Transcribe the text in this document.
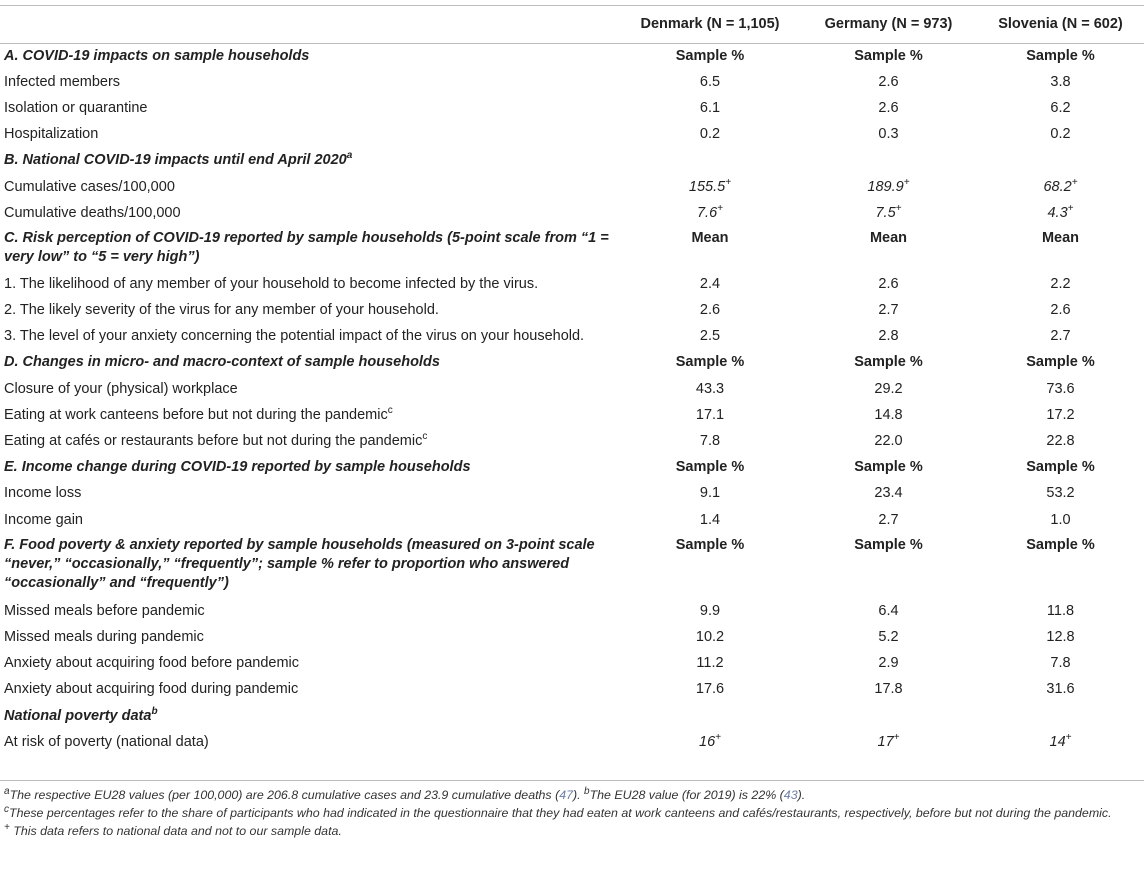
	Denmark (N = 1,105)	Germany (N = 973)	Slovenia (N = 602)
A. COVID-19 impacts on sample households	Sample %	Sample %	Sample %
Infected members	6.5	2.6	3.8
Isolation or quarantine	6.1	2.6	6.2
Hospitalization	0.2	0.3	0.2
B. National COVID-19 impacts until end April 2020$^a$			
Cumulative cases/100,000	155.5+	189.9+	68.2+
Cumulative deaths/100,000	7.6+	7.5+	4.3+
C. Risk perception of COVID-19 reported by sample households (5-point scale from “1 = very low” to “5 = very high”)	Mean	Mean	Mean
1. The likelihood of any member of your household to become infected by the virus.	2.4	2.6	2.2
2. The likely severity of the virus for any member of your household.	2.6	2.7	2.6
3. The level of your anxiety concerning the potential impact of the virus on your household.	2.5	2.8	2.7
D. Changes in micro- and macro-context of sample households	Sample %	Sample %	Sample %
Closure of your (physical) workplace	43.3	29.2	73.6
Eating at work canteens before but not during the pandemic$^c$	17.1	14.8	17.2
Eating at cafés or restaurants before but not during the pandemic$^c$	7.8	22.0	22.8
E. Income change during COVID-19 reported by sample households	Sample %	Sample %	Sample %
Income loss	9.1	23.4	53.2
Income gain	1.4	2.7	1.0
F. Food poverty & anxiety reported by sample households (measured on 3-point scale “never,” “occasionally,” “frequently”; sample % refer to proportion who answered “occasionally” and “frequently”)	Sample %	Sample %	Sample %
Missed meals before pandemic	9.9	6.4	11.8
Missed meals during pandemic	10.2	5.2	12.8
Anxiety about acquiring food before pandemic	11.2	2.9	7.8
Anxiety about acquiring food during pandemic	17.6	17.8	31.6
National poverty data$^b$			
At risk of poverty (national data)	16+	17+	14+

$^a$The respective EU28 values (per 100,000) are 206.8 cumulative cases and 23.9 cumulative deaths (47). $^b$The EU28 value (for 2019) is 22% (43).

$^c$These percentages refer to the share of participants who had indicated in the questionnaire that they had eaten at work canteens and cafés/restaurants, respectively, before but not during the pandemic.

+ This data refers to national data and not to our sample data.
